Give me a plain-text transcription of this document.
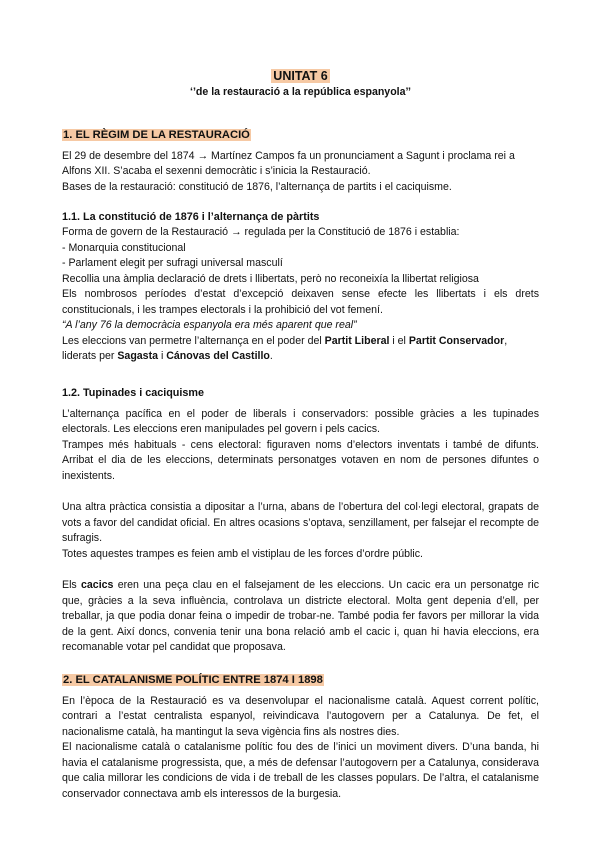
UNITAT 6

‘’de la restauració a la república espanyola’’

1. EL RÈGIM DE LA RESTAURACIÓ

El 29 de desembre del 1874 → Martínez Campos fa un pronunciament a Sagunt i proclama rei a Alfons XII. S’acaba el sexenni democràtic i s’inicia la Restauració.

Bases de la restauració: constitució de 1876, l’alternança de partits i el caciquisme.

1.1. La constitució de 1876 i l’alternança de pàrtits

Forma de govern de la Restauració → regulada per la Constitució de 1876 i establia:

- Monarquia constitucional

- Parlament elegit per sufragi universal masculí

Recollia una àmplia declaració de drets i llibertats, però no reconeixía la llibertat religiosa

Els nombrosos períodes d’estat d’excepció deixaven sense efecte les llibertats i els drets constitucionals, i les trampes electorals i la prohibició del vot femení.

“A l’any 76 la democràcia espanyola era més aparent que real”

Les eleccions van permetre l’alternança en el poder del Partit Liberal i el Partit Conservador, liderats per Sagasta i Cánovas del Castillo.

1.2. Tupinades i caciquisme

L’alternança pacífica en el poder de liberals i conservadors: possible gràcies a les tupinades electorals. Les eleccions eren manipulades pel govern i pels cacics.

Trampes més habituals - cens electoral: figuraven noms d’electors inventats i també de difunts. Arribat el dia de les eleccions, determinats personatges votaven en nom de persones difuntes o inexistents.

Una altra pràctica consistia a dipositar a l’urna, abans de l’obertura del col·legi electoral, grapats de vots a favor del candidat oficial. En altres ocasions s’optava, senzillament, per falsejar el recompte de sufragis.

Totes aquestes trampes es feien amb el vistiplau de les forces d’ordre públic.

Els cacics eren una peça clau en el falsejament de les eleccions. Un cacic era un personatge ric que, gràcies a la seva influència, controlava un districte electoral. Molta gent depenia d’ell, per treballar, ja que podia donar feina o impedir de trobar-ne. També podia fer favors per millorar la vida de la gent. Així doncs, convenia tenir una bona relació amb el cacic i, quan hi havia eleccions, era recomanable votar pel candidat que proposava.

2. EL CATALANISME POLÍTIC ENTRE 1874 I 1898

En l’època de la Restauració es va desenvolupar el nacionalisme català. Aquest corrent polític, contrari a l’estat centralista espanyol, reivindicava l’autogovern per a Catalunya. De fet, el nacionalisme català, ha mantingut la seva vigència fins als nostres dies.

El nacionalisme català o catalanisme polític fou des de l’inici un moviment divers. D’una banda, hi havia el catalanisme progressista, que, a més de defensar l’autogovern per a Catalunya, considerava que calia millorar les condicions de vida i de treball de les classes populars. De l’altra, el catalanisme conservador connectava amb els interessos de la burgesia.
